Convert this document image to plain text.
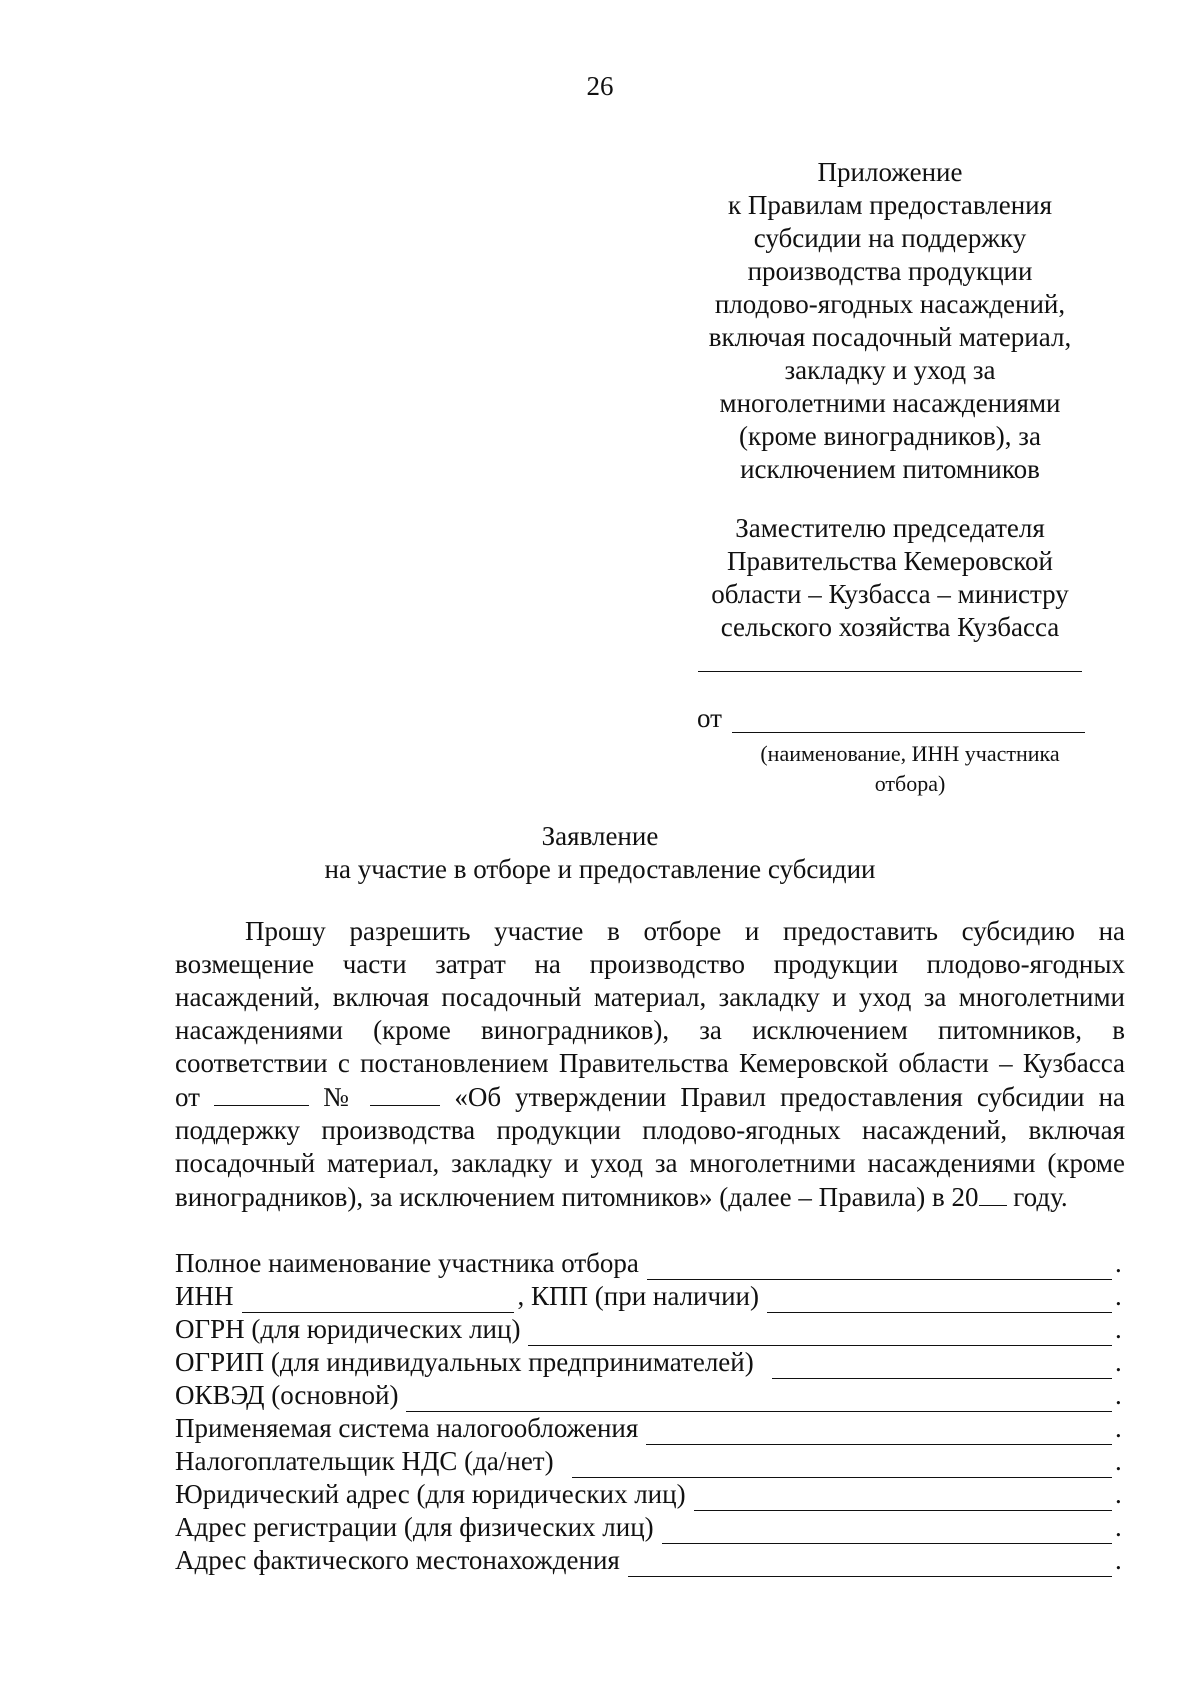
26
Приложение
к Правилам предоставления
субсидии на поддержку
производства продукции
плодово-ягодных насаждений,
включая посадочный материал,
закладку и уход за
многолетними насаждениями
(кроме виноградников), за
исключением питомников
Заместителю председателя
Правительства Кемеровской
области – Кузбасса – министру
сельского хозяйства Кузбасса
от
(наименование, ИНН участника
отбора)
Заявление
на участие в отборе и предоставление субсидии
Прошу разрешить участие в отборе и предоставить субсидию на возмещение части затрат на производство продукции плодово-ягодных насаждений, включая посадочный материал, закладку и уход за многолетними насаждениями (кроме виноградников), за исключением питомников, в соответствии с постановлением Правительства Кемеровской области – Кузбасса от	№	«Об утверждении Правил предоставления субсидии на поддержку производства продукции плодово-ягодных насаждений, включая посадочный материал, закладку и уход за многолетними насаждениями (кроме виноградников), за исключением питомников» (далее – Правила) в 20 году.
Полное наименование участника отбора	.
ИНН	, КПП (при наличии)	.
ОГРН (для юридических лиц)	.
ОГРИП (для индивидуальных предпринимателей)	.
ОКВЭД (основной)	.
Применяемая система налогообложения	.
Налогоплательщик НДС (да/нет)	.
Юридический адрес (для юридических лиц)	.
Адрес регистрации (для физических лиц)	.
Адрес фактического местонахождения	.
